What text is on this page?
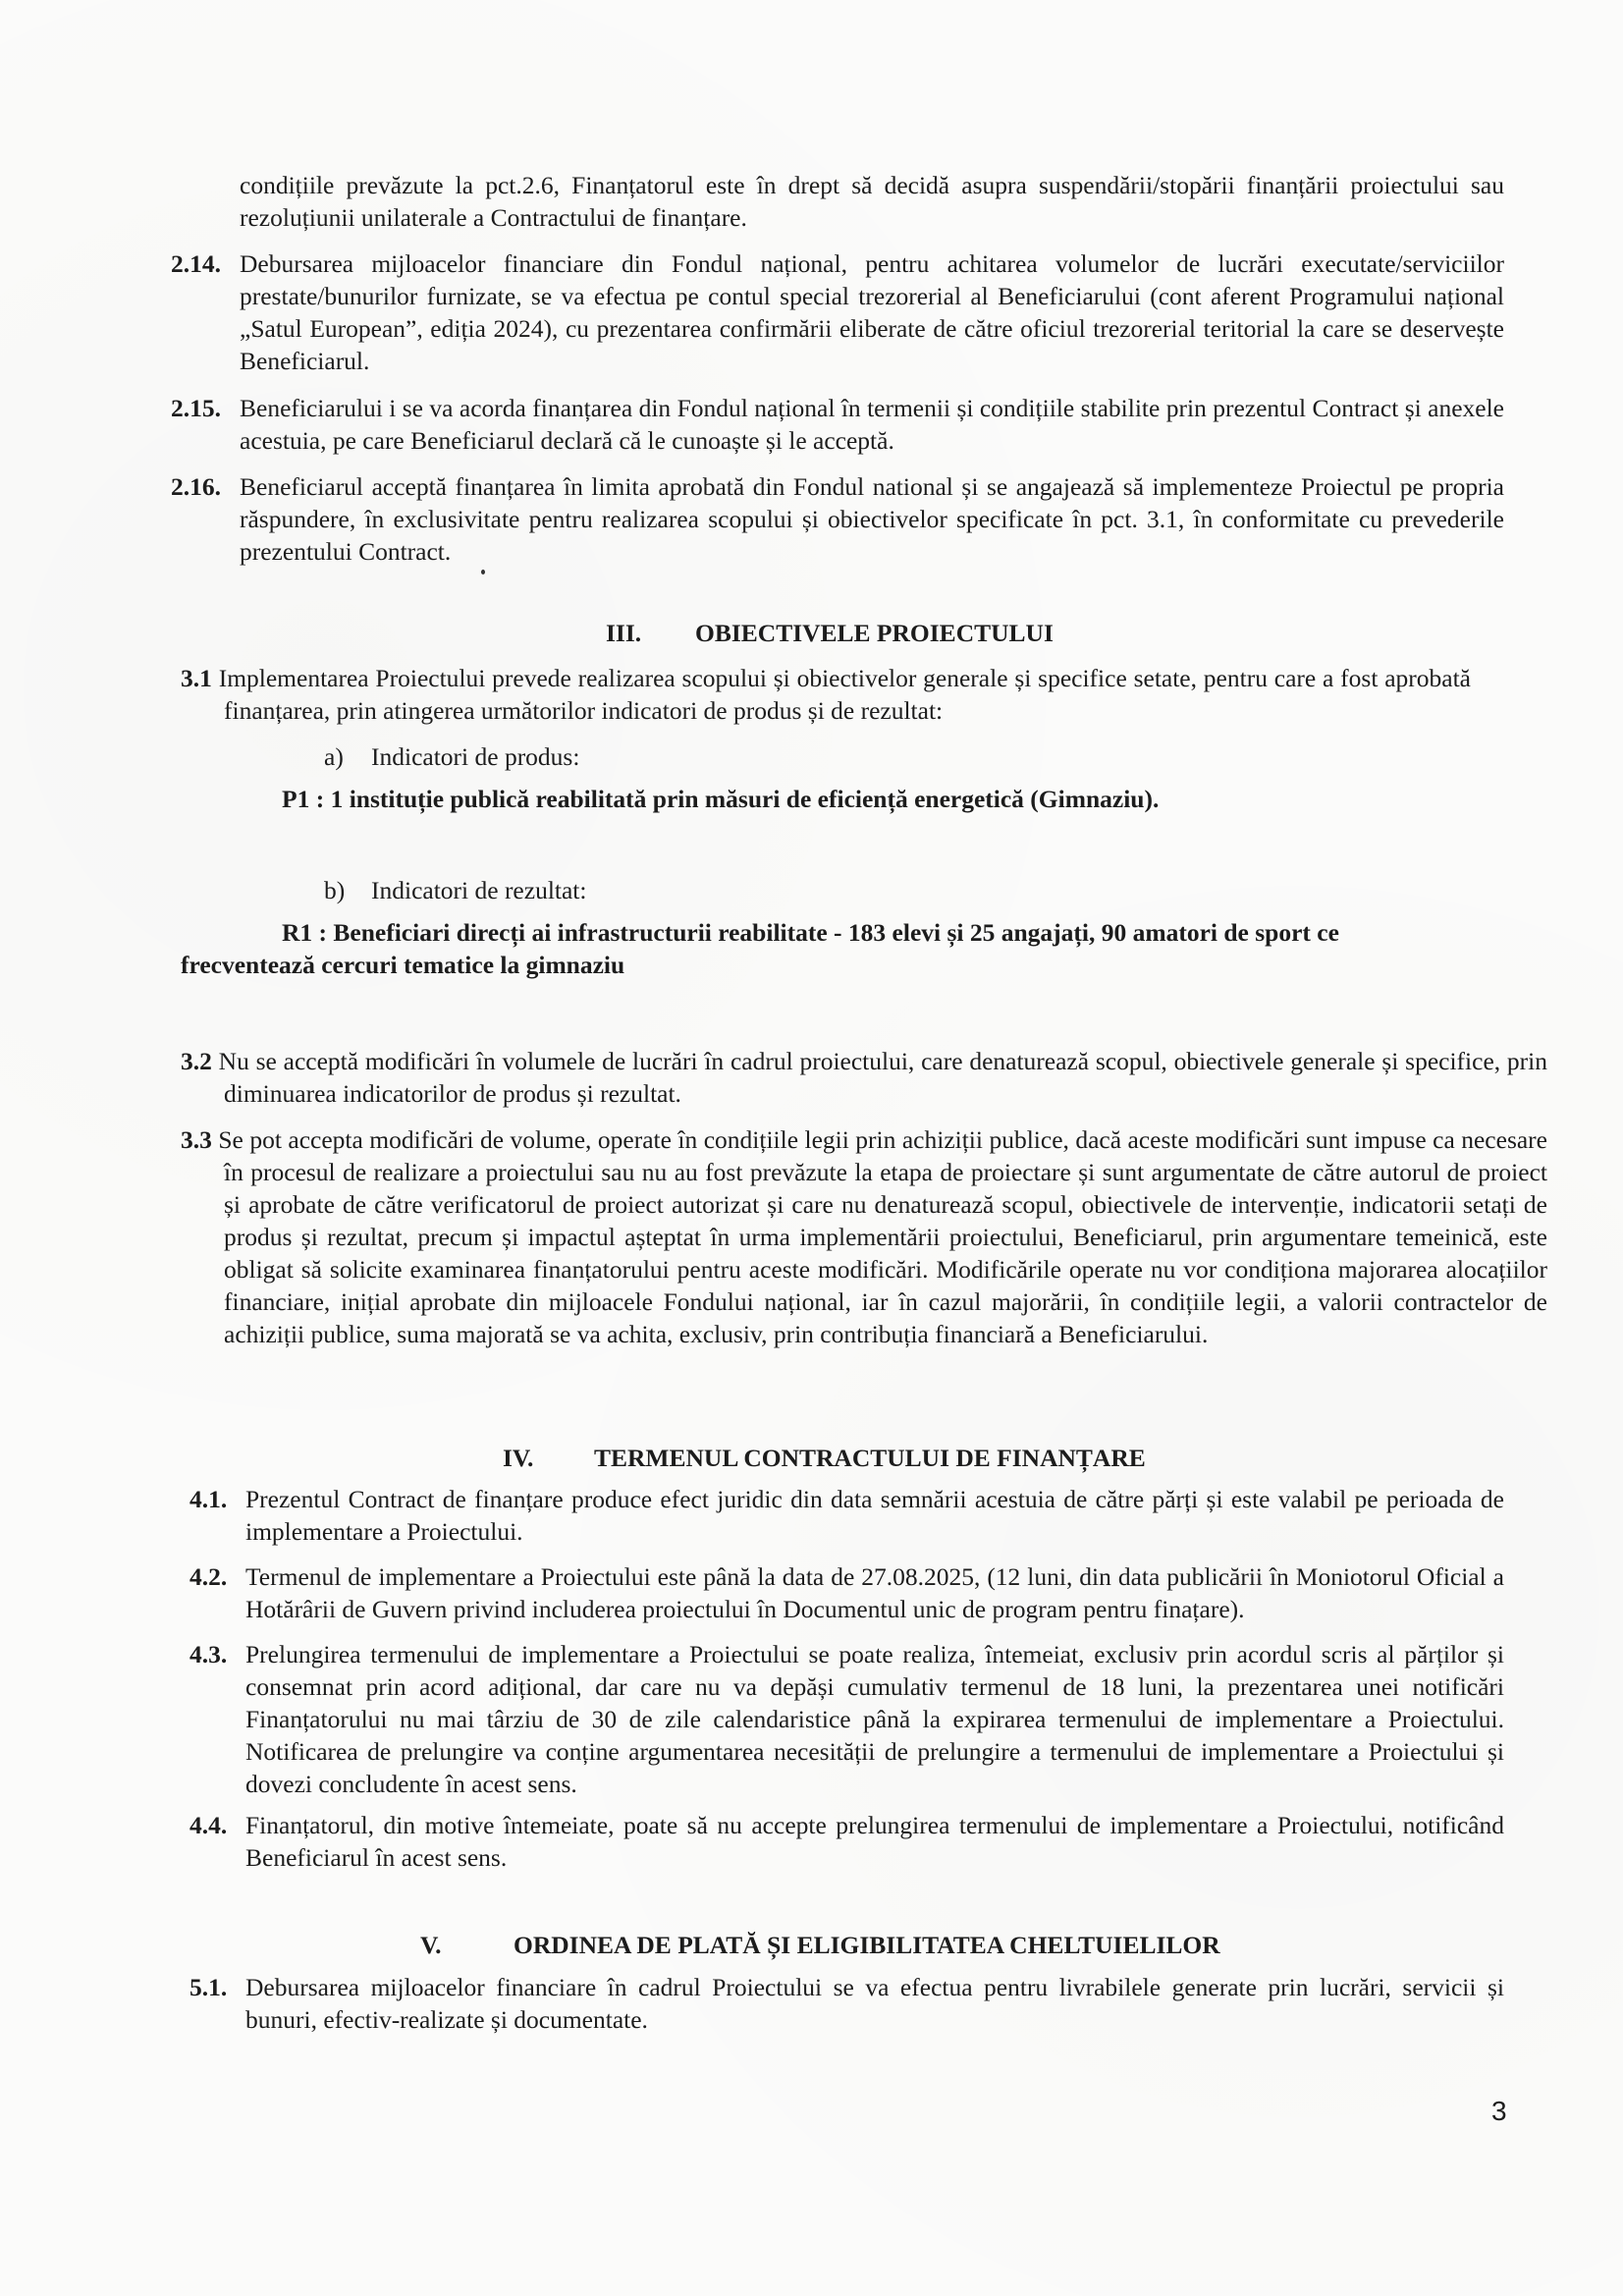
condițiile prevăzute la pct.2.6, Finanțatorul este în drept să decidă asupra suspendării/stopării finanțării proiectului sau rezoluțiunii unilaterale a Contractului de finanțare.
2.14. Debursarea mijloacelor financiare din Fondul național, pentru achitarea volumelor de lucrări executate/serviciilor prestate/bunurilor furnizate, se va efectua pe contul special trezorerial al Beneficiarului (cont aferent Programului național „Satul European”, ediția 2024), cu prezentarea confirmării eliberate de către oficiul trezorerial teritorial la care se deservește Beneficiarul.
2.15. Beneficiarului i se va acorda finanțarea din Fondul național în termenii și condițiile stabilite prin prezentul Contract și anexele acestuia, pe care Beneficiarul declară că le cunoaște și le acceptă.
2.16. Beneficiarul acceptă finanțarea în limita aprobată din Fondul national și se angajează să implementeze Proiectul pe propria răspundere, în exclusivitate pentru realizarea scopului și obiectivelor specificate în pct. 3.1, în conformitate cu prevederile prezentului Contract.
III. OBIECTIVELE PROIECTULUI
3.1 Implementarea Proiectului prevede realizarea scopului și obiectivelor generale și specifice setate, pentru care a fost aprobată finanțarea, prin atingerea următorilor indicatori de produs și de rezultat:
a) Indicatori de produs:
P1 : 1 instituție publică reabilitată prin măsuri de eficiență energetică (Gimnaziu).
b) Indicatori de rezultat:
R1 : Beneficiari direcți ai infrastructurii reabilitate - 183 elevi și 25 angajați, 90 amatori de sport ce
frecventează cercuri tematice la gimnaziu
3.2 Nu se acceptă modificări în volumele de lucrări în cadrul proiectului, care denaturează scopul, obiectivele generale și specifice, prin diminuarea indicatorilor de produs și rezultat.
3.3 Se pot accepta modificări de volume, operate în condițiile legii prin achiziții publice, dacă aceste modificări sunt impuse ca necesare în procesul de realizare a proiectului sau nu au fost prevăzute la etapa de proiectare și sunt argumentate de către autorul de proiect și aprobate de către verificatorul de proiect autorizat și care nu denaturează scopul, obiectivele de intervenție, indicatorii setați de produs și rezultat, precum și impactul așteptat în urma implementării proiectului, Beneficiarul, prin argumentare temeinică, este obligat să solicite examinarea finanțatorului pentru aceste modificări. Modificările operate nu vor condiționa majorarea alocațiilor financiare, inițial aprobate din mijloacele Fondului național, iar în cazul majorării, în condițiile legii, a valorii contractelor de achiziții publice, suma majorată se va achita, exclusiv, prin contribuția financiară a Beneficiarului.
IV. TERMENUL CONTRACTULUI DE FINANȚARE
4.1. Prezentul Contract de finanțare produce efect juridic din data semnării acestuia de către părți și este valabil pe perioada de implementare a Proiectului.
4.2. Termenul de implementare a Proiectului este până la data de 27.08.2025, (12 luni, din data publicării în Moniotorul Oficial a Hotărârii de Guvern privind includerea proiectului în Documentul unic de program pentru finațare).
4.3. Prelungirea termenului de implementare a Proiectului se poate realiza, întemeiat, exclusiv prin acordul scris al părților și consemnat prin acord adițional, dar care nu va depăși cumulativ termenul de 18 luni, la prezentarea unei notificări Finanțatorului nu mai târziu de 30 de zile calendaristice până la expirarea termenului de implementare a Proiectului. Notificarea de prelungire va conține argumentarea necesității de prelungire a termenului de implementare a Proiectului și dovezi concludente în acest sens.
4.4. Finanțatorul, din motive întemeiate, poate să nu accepte prelungirea termenului de implementare a Proiectului, notificând Beneficiarul în acest sens.
V.	ORDINEA DE PLATĂ ȘI ELIGIBILITATEA CHELTUIELILOR
5.1. Debursarea mijloacelor financiare în cadrul Proiectului se va efectua pentru livrabilele generate prin lucrări, servicii și bunuri, efectiv-realizate și documentate.
3
